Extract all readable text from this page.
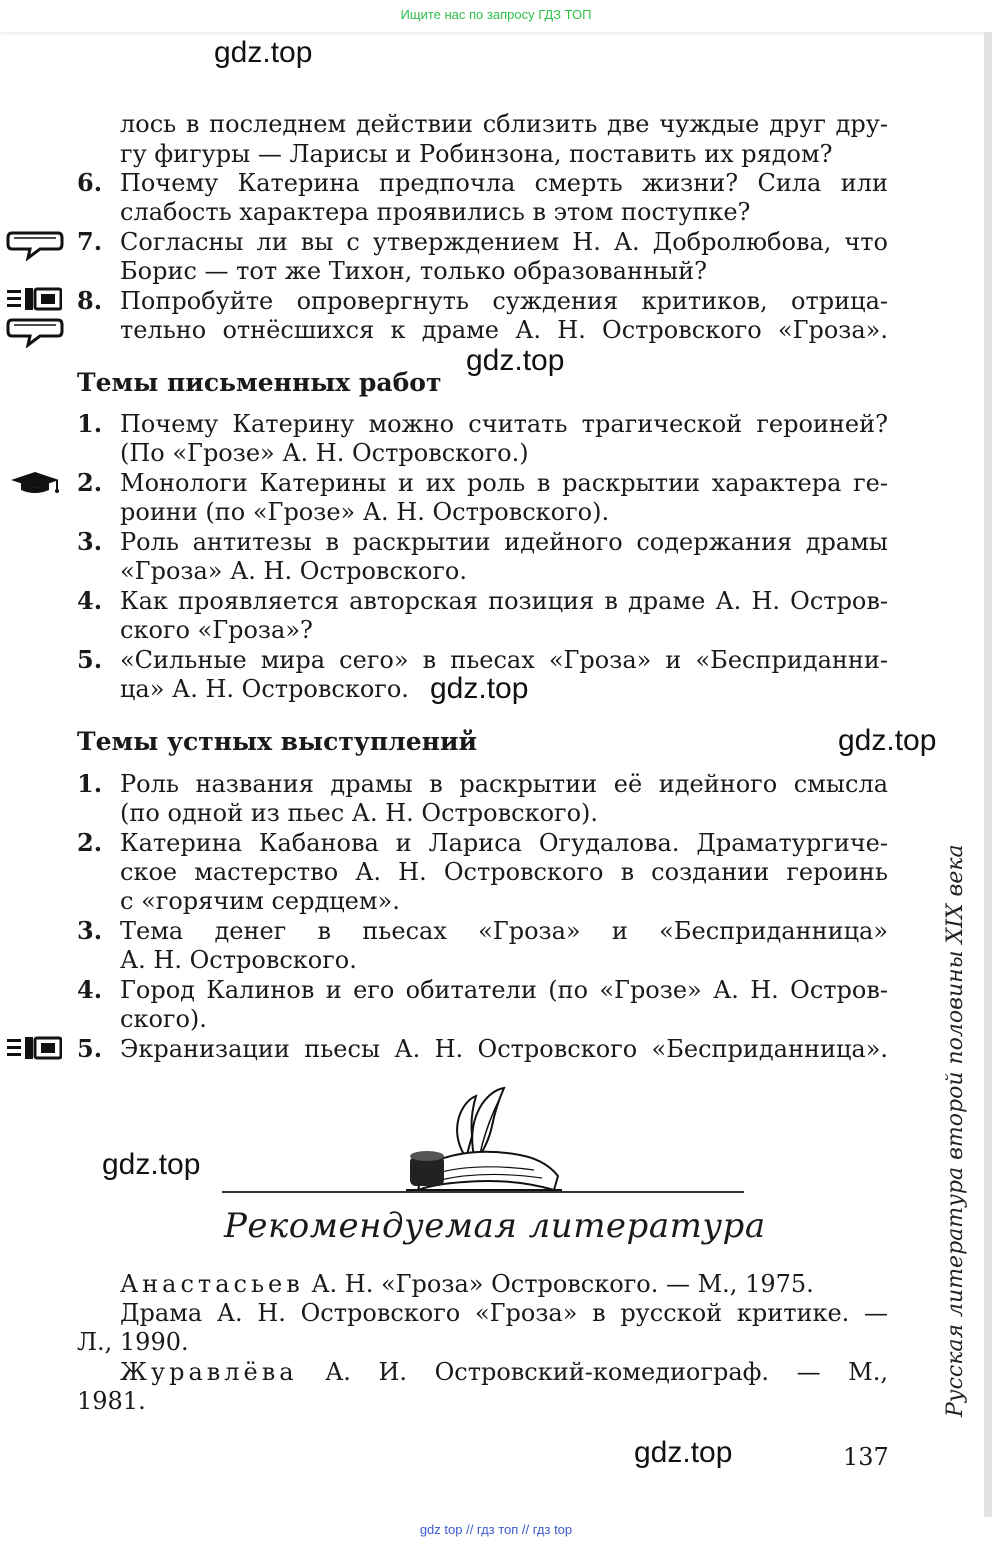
Ищите нас по запросу ГДЗ ТОП
gdz.top
gdz.top
gdz.top
gdz.top
gdz.top
gdz.top
лось в последнем действии сблизить две чуждые друг дру-
гу фигуры — Ларисы и Робинзона, поставить их рядом?
6. Почему Катерина предпочла смерть жизни? Сила или
слабость характера проявились в этом поступке?
7. Согласны ли вы с утверждением Н. А. Добролюбова, что
Борис — тот же Тихон, только образованный?
8. Попробуйте опровергнуть суждения критиков, отрица-
тельно отнёсшихся к драме А. Н. Островского «Гроза».
Темы письменных работ
1. Почему Катерину можно считать трагической героиней?
(По «Грозе» А. Н. Островского.)
2. Монологи Катерины и их роль в раскрытии характера ге-
роини (по «Грозе» А. Н. Островского).
3. Роль антитезы в раскрытии идейного содержания драмы
«Гроза» А. Н. Островского.
4. Как проявляется авторская позиция в драме А. Н. Остров-
ского «Гроза»?
5. «Сильные мира сего» в пьесах «Гроза» и «Бесприданни-
ца» А. Н. Островского.
Темы устных выступлений
1. Роль названия драмы в раскрытии её идейного смысла
(по одной из пьес А. Н. Островского).
2. Катерина Кабанова и Лариса Огудалова. Драматургиче-
ское мастерство А. Н. Островского в создании героинь
с «горячим сердцем».
3. Тема денег в пьесах «Гроза» и «Бесприданница»
А. Н. Островского.
4. Город Калинов и его обитатели (по «Грозе» А. Н. Остров-
ского).
5. Экранизации пьесы А. Н. Островского «Бесприданница».
Рекомендуемая литература
Анастасьев А. Н. «Гроза» Островского. — М., 1975.
Драма А. Н. Островского «Гроза» в русской критике. —
Л., 1990.
Журавлёва А. И. Островский-комедиограф. — М.,
1981.	Русская литература второй половины XIX века
137
gdz top // гдз топ // гдз top
